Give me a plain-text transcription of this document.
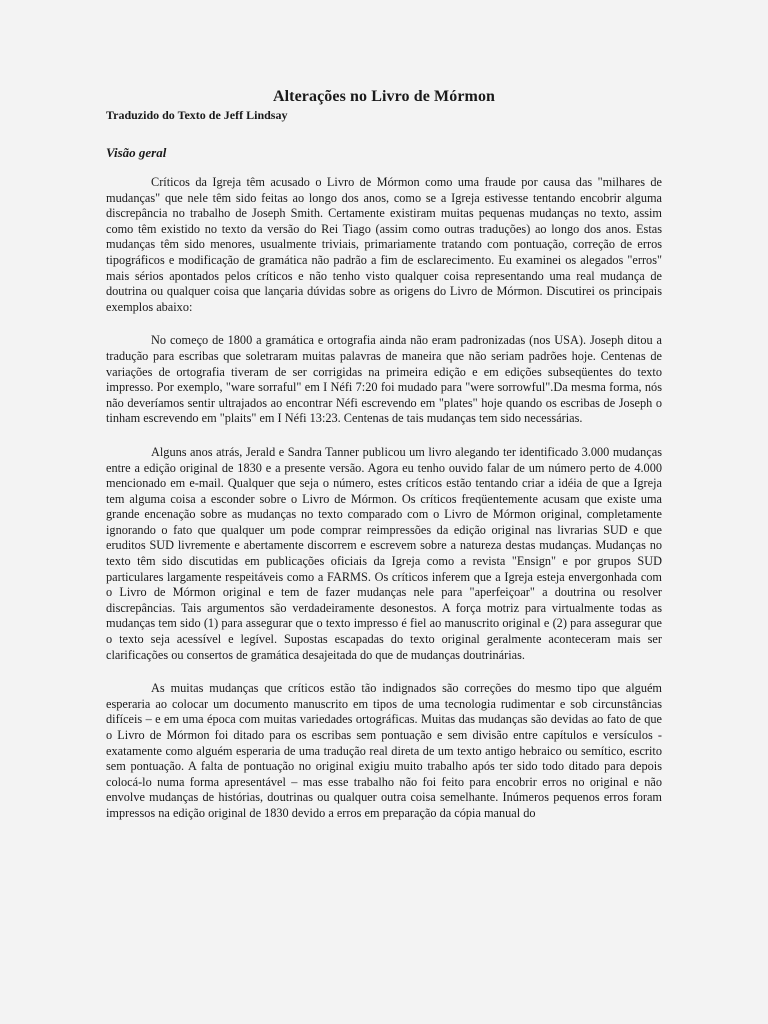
Alterações no Livro de Mórmon
Traduzido do Texto de Jeff Lindsay
Visão geral

Críticos da Igreja têm acusado o Livro de Mórmon como uma fraude por causa das "milhares de mudanças" que nele têm sido feitas ao longo dos anos, como se a Igreja estivesse tentando encobrir alguma discrepância no trabalho de Joseph Smith. Certamente existiram muitas pequenas mudanças no texto, assim como têm existido no texto da versão do Rei Tiago (assim como outras traduções) ao longo dos anos. Estas mudanças têm sido menores, usualmente triviais, primariamente tratando com pontuação, correção de erros tipográficos e modificação de gramática não padrão a fim de esclarecimento. Eu examinei os alegados "erros" mais sérios apontados pelos críticos e não tenho visto qualquer coisa representando uma real mudança de doutrina ou qualquer coisa que lançaria dúvidas sobre as origens do Livro de Mórmon. Discutirei os principais exemplos abaixo:

No começo de 1800 a gramática e ortografia ainda não eram padronizadas (nos USA). Joseph ditou a tradução para escribas que soletraram muitas palavras de maneira que não seriam padrões hoje. Centenas de variações de ortografia tiveram de ser corrigidas na primeira edição e em edições subseqüentes do texto impresso. Por exemplo, "ware sorraful" em I Néfi 7:20 foi mudado para "were sorrowful".Da mesma forma, nós não deveríamos sentir ultrajados ao encontrar Néfi escrevendo em "plates" hoje quando os escribas de Joseph o tinham escrevendo em "plaits" em I Néfi 13:23. Centenas de tais mudanças tem sido necessárias.

Alguns anos atrás, Jerald e Sandra Tanner publicou um livro alegando ter identificado 3.000 mudanças entre a edição original de 1830 e a presente versão. Agora eu tenho ouvido falar de um número perto de 4.000 mencionado em e-mail. Qualquer que seja o número, estes críticos estão tentando criar a idéia de que a Igreja tem alguma coisa a esconder sobre o Livro de Mórmon. Os críticos freqüentemente acusam que existe uma grande encenação sobre as mudanças no texto comparado com o Livro de Mórmon original, completamente ignorando o fato que qualquer um pode comprar reimpressões da edição original nas livrarias SUD e que eruditos SUD livremente e abertamente discorrem e escrevem sobre a natureza destas mudanças. Mudanças no texto têm sido discutidas em publicações oficiais da Igreja como a revista "Ensign" e por grupos SUD particulares largamente respeitáveis como a FARMS. Os críticos inferem que a Igreja esteja envergonhada com o Livro de Mórmon original e tem de fazer mudanças nele para "aperfeiçoar" a doutrina ou resolver discrepâncias. Tais argumentos são verdadeiramente desonestos. A força motriz para virtualmente todas as mudanças tem sido (1) para assegurar que o texto impresso é fiel ao manuscrito original e (2) para assegurar que o texto seja acessível e legível. Supostas escapadas do texto original geralmente aconteceram mais ser clarificações ou consertos de gramática desajeitada do que de mudanças doutrinárias.

As muitas mudanças que críticos estão tão indignados são correções do mesmo tipo que alguém esperaria ao colocar um documento manuscrito em tipos de uma tecnologia rudimentar e sob circunstâncias difíceis – e em uma época com muitas variedades ortográficas. Muitas das mudanças são devidas ao fato de que o Livro de Mórmon foi ditado para os escribas sem pontuação e sem divisão entre capítulos e versículos - exatamente como alguém esperaria de uma tradução real direta de um texto antigo hebraico ou semítico, escrito sem pontuação. A falta de pontuação no original exigiu muito trabalho após ter sido todo ditado para depois colocá-lo numa forma apresentável – mas esse trabalho não foi feito para encobrir erros no original e não envolve mudanças de histórias, doutrinas ou qualquer outra coisa semelhante. Inúmeros pequenos erros foram impressos na edição original de 1830 devido a erros em preparação da cópia manual do
